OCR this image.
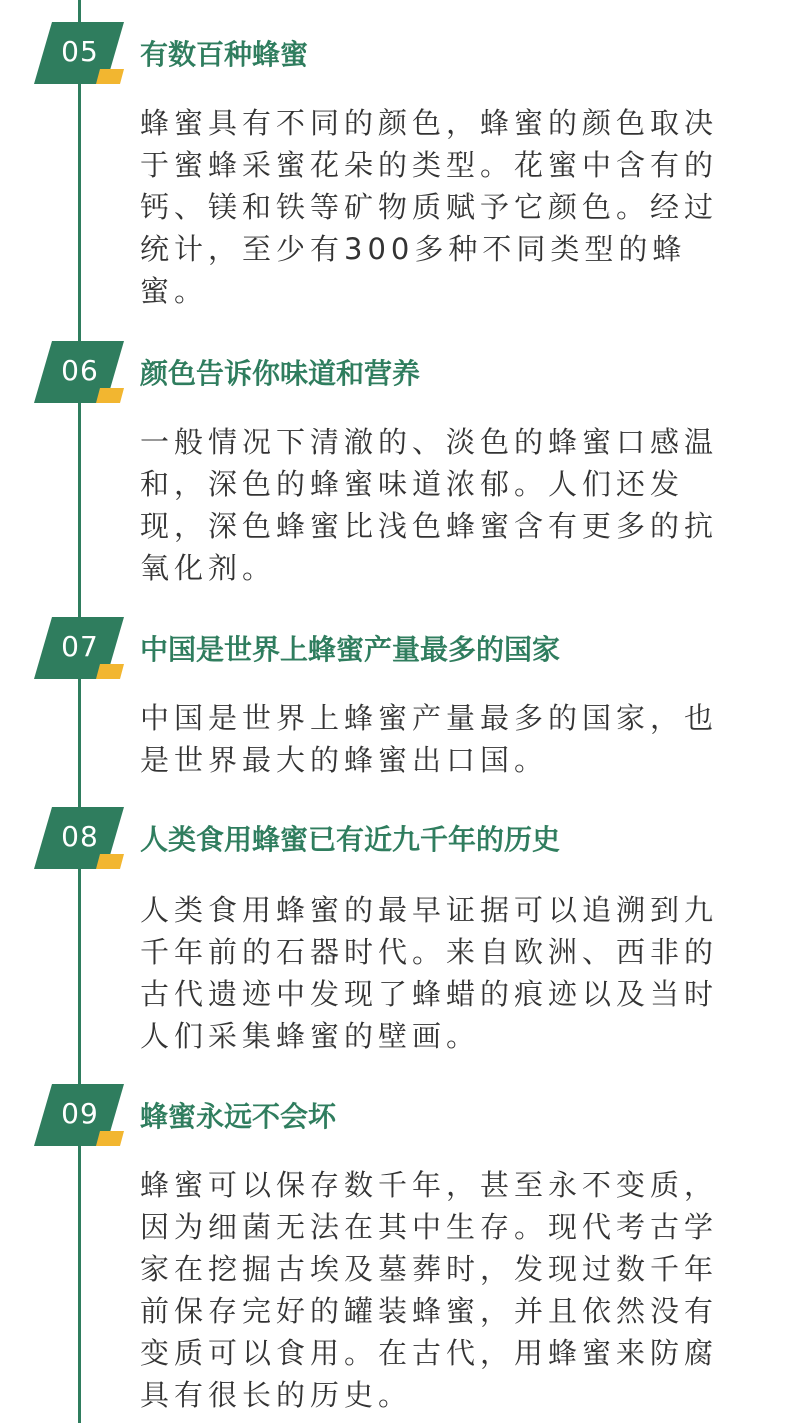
05	有数百种蜂蜜
蜂蜜具有不同的颜色，蜂蜜的颜色取决
于蜜蜂采蜜花朵的类型。花蜜中含有的
钙、镁和铁等矿物质赋予它颜色。经过
统计，至少有300多种不同类型的蜂
蜜。
06	颜色告诉你味道和营养
一般情况下清澈的、淡色的蜂蜜口感温
和，深色的蜂蜜味道浓郁。人们还发
现，深色蜂蜜比浅色蜂蜜含有更多的抗
氧化剂。
07	中国是世界上蜂蜜产量最多的国家
中国是世界上蜂蜜产量最多的国家，也
是世界最大的蜂蜜出口国。
08	人类食用蜂蜜已有近九千年的历史
人类食用蜂蜜的最早证据可以追溯到九
千年前的石器时代。来自欧洲、西非的
古代遗迹中发现了蜂蜡的痕迹以及当时
人们采集蜂蜜的壁画。
09	蜂蜜永远不会坏
蜂蜜可以保存数千年，甚至永不变质，
因为细菌无法在其中生存。现代考古学
家在挖掘古埃及墓葬时，发现过数千年
前保存完好的罐装蜂蜜，并且依然没有
变质可以食用。在古代，用蜂蜜来防腐
具有很长的历史。
